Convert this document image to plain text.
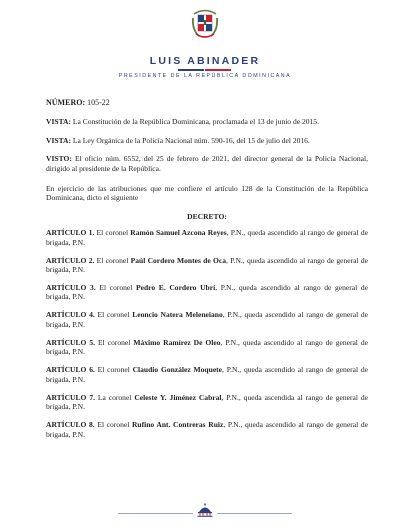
LUIS ABINADER
PRESIDENTE DE LA REPÚBLICA DOMINICANA
NÚMERO: 105-22

VISTA: La Constitución de la República Dominicana, proclamada el 13 de junio de 2015.

VISTA: La Ley Orgánica de la Policía Nacional núm. 590-16, del 15 de julio del 2016.

VISTO: El oficio núm. 6552, del 25 de febrero de 2021, del director general de la Policía Nacional, dirigido al presidente de la República.

En ejercicio de las atribuciones que me confiere el artículo 128 de la Constitución de la República Dominicana, dicto el siguiente

DECRETO:

ARTÍCULO 1. El coronel Ramón Samuel Azcona Reyes, P.N., queda ascendido al rango de general de brigada, P.N.

ARTÍCULO 2. El coronel Paúl Cordero Montes de Oca, P.N., queda ascendido al rango de general de brigada, P.N.

ARTÍCULO 3. El coronel Pedro E. Cordero Ubrí, P.N., queda ascendido al rango de general de brigada, P.N.

ARTÍCULO 4. El coronel Leoncio Natera Meleneiano, P.N., queda ascendido al rango de general de brigada, P.N.

ARTÍCULO 5. El coronel Máximo Ramírez De Oleo, P.N., queda ascendido al rango de general de brigada, P.N.

ARTÍCULO 6. El coronel Claudio González Moquete, P.N., queda ascendido al rango de general de brigada, P.N.

ARTÍCULO 7. La coronel Celeste Y. Jiménez Cabral, P.N., queda ascendida al rango de general de brigada, P.N.

ARTÍCULO 8. El coronel Rufino Ant. Contreras Ruiz, P.N., queda ascendido al rango de general de brigada, P.N.
